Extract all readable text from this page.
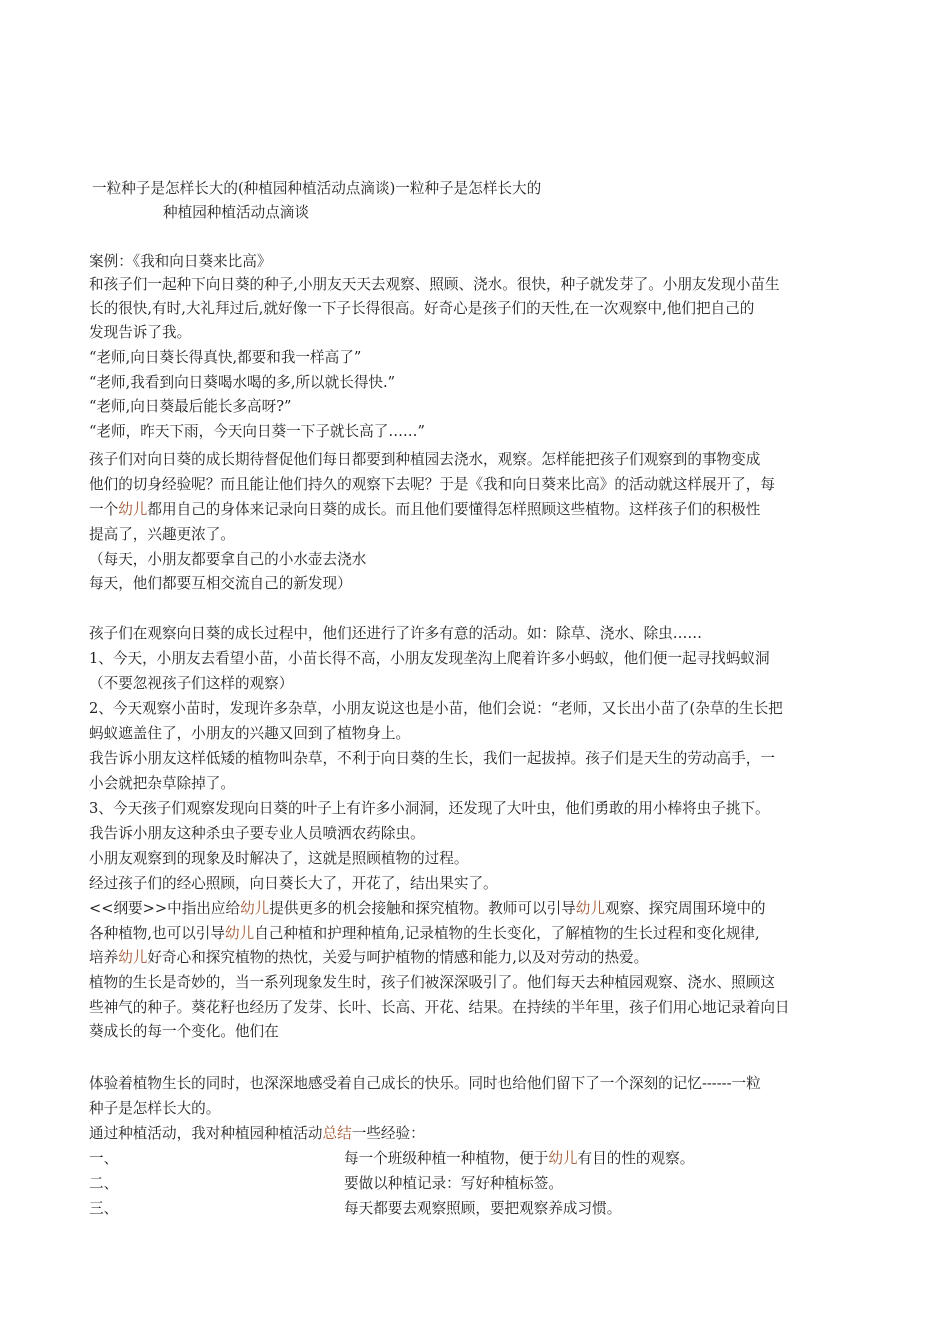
一粒种子是怎样长大的(种植园种植活动点滴谈)一粒种子是怎样长大的
种植园种植活动点滴谈
案例：《我和向日葵来比高》
和孩子们一起种下向日葵的种子,小朋友天天去观察、照顾、浇水。很快，种子就发芽了。小朋友发现小苗生
长的很快,有时,大礼拜过后,就好像一下子长得很高。好奇心是孩子们的天性,在一次观察中,他们把自己的
发现告诉了我。
“老师,向日葵长得真快,都要和我一样高了”
“老师,我看到向日葵喝水喝的多,所以就长得快.”
“老师,向日葵最后能长多高呀?”
“老师，昨天下雨，今天向日葵一下子就长高了……”
孩子们对向日葵的成长期待督促他们每日都要到种植园去浇水，观察。怎样能把孩子们观察到的事物变成
他们的切身经验呢？而且能让他们持久的观察下去呢？于是《我和向日葵来比高》的活动就这样展开了，每
一个幼儿都用自己的身体来记录向日葵的成长。而且他们要懂得怎样照顾这些植物。这样孩子们的积极性
提高了，兴趣更浓了。
（每天，小朋友都要拿自己的小水壶去浇水
每天，他们都要互相交流自己的新发现）
孩子们在观察向日葵的成长过程中，他们还进行了许多有意的活动。如：除草、浇水、除虫……
1、今天，小朋友去看望小苗，小苗长得不高，小朋友发现垄沟上爬着许多小蚂蚁，他们便一起寻找蚂蚁洞
（不要忽视孩子们这样的观察）
2、今天观察小苗时，发现许多杂草，小朋友说这也是小苗，他们会说：“老师，又长出小苗了(杂草的生长把
蚂蚁遮盖住了，小朋友的兴趣又回到了植物身上。
我告诉小朋友这样低矮的植物叫杂草，不利于向日葵的生长，我们一起拔掉。孩子们是天生的劳动高手，一
小会就把杂草除掉了。
3、今天孩子们观察发现向日葵的叶子上有许多小洞洞，还发现了大叶虫，他们勇敢的用小棒将虫子挑下。
我告诉小朋友这种杀虫子要专业人员喷洒农药除虫。
小朋友观察到的现象及时解决了，这就是照顾植物的过程。
经过孩子们的经心照顾，向日葵长大了，开花了，结出果实了。
<<纲要>>中指出应给幼儿提供更多的机会接触和探究植物。教师可以引导幼儿观察、探究周围环境中的
各种植物,也可以引导幼儿自己种植和护理种植角,记录植物的生长变化，了解植物的生长过程和变化规律,
培养幼儿好奇心和探究植物的热忱，关爱与呵护植物的情感和能力,以及对劳动的热爱。
植物的生长是奇妙的，当一系列现象发生时，孩子们被深深吸引了。他们每天去种植园观察、浇水、照顾这
些神气的种子。葵花籽也经历了发芽、长叶、长高、开花、结果。在持续的半年里，孩子们用心地记录着向日
葵成长的每一个变化。他们在
体验着植物生长的同时，也深深地感受着自己成长的快乐。同时也给他们留下了一个深刻的记忆------一粒
种子是怎样长大的。
通过种植活动，我对种植园种植活动总结一些经验：
一、	每一个班级种植一种植物，便于幼儿有目的性的观察。
二、	要做以种植记录：写好种植标签。
三、	每天都要去观察照顾，要把观察养成习惯。
